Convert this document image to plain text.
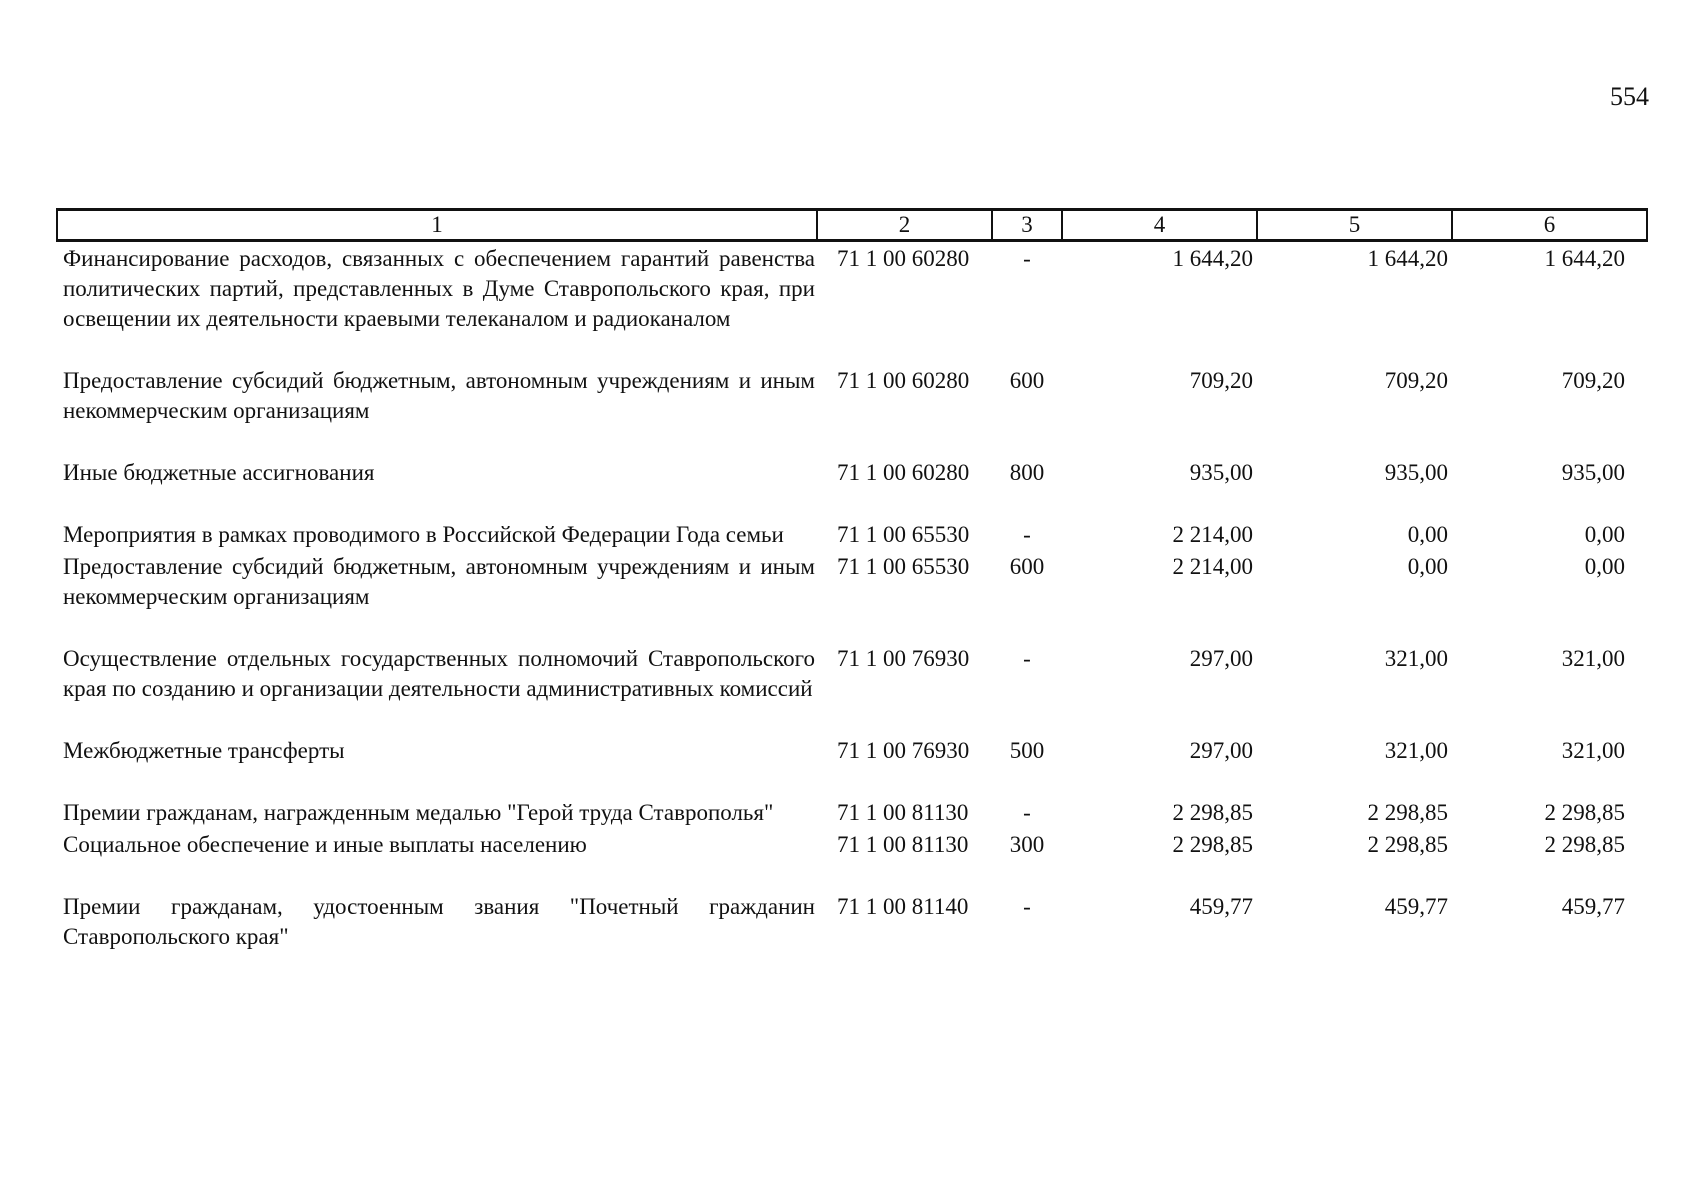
554
1	2	3	4	5	6
Финансирование расходов, связанных с обеспечением гарантий равенства политических партий, представленных в Думе Ставропольского края, при освещении их деятельности краевыми телеканалом и радиоканалом	71 1 00 60280	-	1 644,20	1 644,20	1 644,20
Предоставление субсидий бюджетным, автономным учреждениям и иным некоммерческим организациям	71 1 00 60280	600	709,20	709,20	709,20
Иные бюджетные ассигнования	71 1 00 60280	800	935,00	935,00	935,00
Мероприятия в рамках проводимого в Российской Федерации Года семьи	71 1 00 65530	-	2 214,00	0,00	0,00
Предоставление субсидий бюджетным, автономным учреждениям и иным некоммерческим организациям	71 1 00 65530	600	2 214,00	0,00	0,00
Осуществление отдельных государственных полномочий Ставропольского края по созданию и организации деятельности административных комиссий	71 1 00 76930	-	297,00	321,00	321,00
Межбюджетные трансферты	71 1 00 76930	500	297,00	321,00	321,00
Премии гражданам, награжденным медалью "Герой труда Ставрополья"	71 1 00 81130	-	2 298,85	2 298,85	2 298,85
Социальное обеспечение и иные выплаты населению	71 1 00 81130	300	2 298,85	2 298,85	2 298,85
Премии гражданам, удостоенным звания "Почетный гражданин Ставропольского края"	71 1 00 81140	-	459,77	459,77	459,77
